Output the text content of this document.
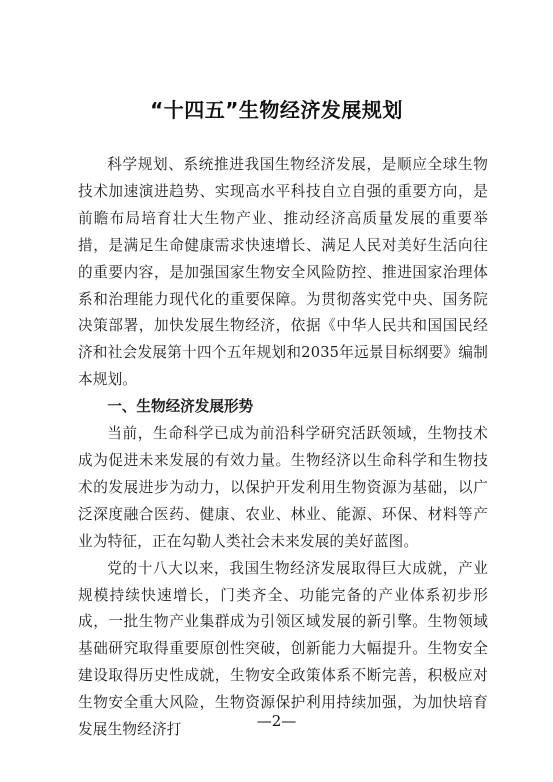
“十四五”生物经济发展规划

科学规划、系统推进我国生物经济发展，是顺应全球生物技术加速演进趋势、实现高水平科技自立自强的重要方向，是前瞻布局培育壮大生物产业、推动经济高质量发展的重要举措，是满足生命健康需求快速增长、满足人民对美好生活向往的重要内容，是加强国家生物安全风险防控、推进国家治理体系和治理能力现代化的重要保障。为贯彻落实党中央、国务院决策部署，加快发展生物经济，依据《中华人民共和国国民经济和社会发展第十四个五年规划和2035年远景目标纲要》编制本规划。

一、生物经济发展形势

当前，生命科学已成为前沿科学研究活跃领域，生物技术成为促进未来发展的有效力量。生物经济以生命科学和生物技术的发展进步为动力，以保护开发利用生物资源为基础，以广泛深度融合医药、健康、农业、林业、能源、环保、材料等产业为特征，正在勾勒人类社会未来发展的美好蓝图。

党的十八大以来，我国生物经济发展取得巨大成就，产业规模持续快速增长，门类齐全、功能完备的产业体系初步形成，一批生物产业集群成为引领区域发展的新引擎。生物领域基础研究取得重要原创性突破，创新能力大幅提升。生物安全建设取得历史性成就，生物安全政策体系不断完善，积极应对生物安全重大风险，生物资源保护利用持续加强，为加快培育发展生物经济打	—2—
